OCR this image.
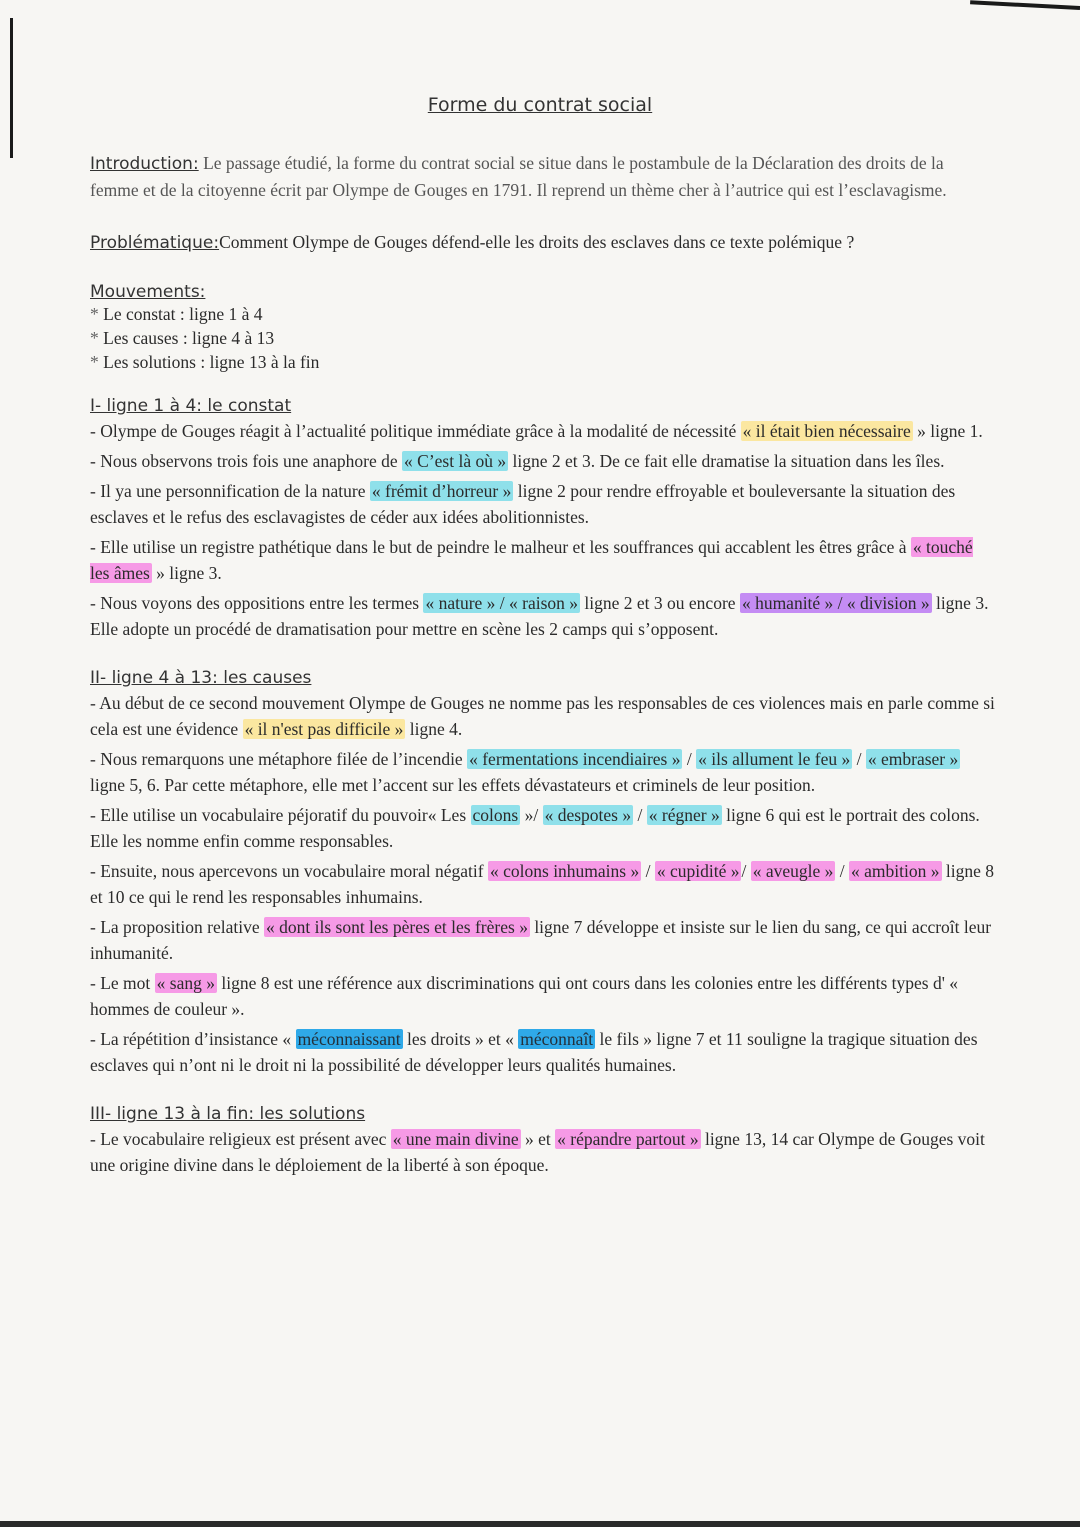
Forme du contrat social

Introduction: Le passage étudié, la forme du contrat social se situe dans le postambule de la Déclaration des droits de la femme et de la citoyenne écrit par Olympe de Gouges en 1791. Il reprend un thème cher à l’autrice qui est l’esclavagisme.

Problématique:Comment Olympe de Gouges défend-elle les droits des esclaves dans ce texte polémique ?

Mouvements:
* Le constat : ligne 1 à 4
* Les causes : ligne 4 à 13
* Les solutions : ligne 13 à la fin
I- ligne 1 à 4: le constat

- Olympe de Gouges réagit à l’actualité politique immédiate grâce à la modalité de nécessité « il était bien nécessaire » ligne 1.

- Nous observons trois fois une anaphore de « C’est là où » ligne 2 et 3. De ce fait elle dramatise la situation dans les îles.

- Il ya une personnification de la nature « frémit d’horreur » ligne 2 pour rendre effroyable et bouleversante la situation des esclaves et le refus des esclavagistes de céder aux idées abolitionnistes.

- Elle utilise un registre pathétique dans le but de peindre le malheur et les souffrances qui accablent les êtres grâce à « touché les âmes » ligne 3.

- Nous voyons des oppositions entre les termes « nature » / « raison » ligne 2 et 3 ou encore « humanité » / « division » ligne 3. Elle adopte un procédé de dramatisation pour mettre en scène les 2 camps qui s’opposent.

II- ligne 4 à 13: les causes

- Au début de ce second mouvement Olympe de Gouges ne nomme pas les responsables de ces violences mais en parle comme si cela est une évidence « il n'est pas difficile » ligne 4.

- Nous remarquons une métaphore filée de l’incendie « fermentations incendiaires » / « ils allument le feu » / « embraser » ligne 5, 6. Par cette métaphore, elle met l’accent sur les effets dévastateurs et criminels de leur position.

- Elle utilise un vocabulaire péjoratif du pouvoir« Les colons »/ « despotes » / « régner » ligne 6 qui est le portrait des colons. Elle les nomme enfin comme responsables.

- Ensuite, nous apercevons un vocabulaire moral négatif « colons inhumains » / « cupidité » / « aveugle » / « ambition » ligne 8 et 10 ce qui le rend les responsables inhumains.

- La proposition relative « dont ils sont les pères et les frères » ligne 7 développe et insiste sur le lien du sang, ce qui accroît leur inhumanité.

- Le mot « sang » ligne 8 est une référence aux discriminations qui ont cours dans les colonies entre les différents types d' « hommes de couleur ».

- La répétition d’insistance « méconnaissant les droits » et « méconnaît le fils » ligne 7 et 11 souligne la tragique situation des esclaves qui n’ont ni le droit ni la possibilité de développer leurs qualités humaines.

III- ligne 13 à la fin: les solutions

- Le vocabulaire religieux est présent avec « une main divine » et « répandre partout » ligne 13, 14 car Olympe de Gouges voit une origine divine dans le déploiement de la liberté à son époque.
